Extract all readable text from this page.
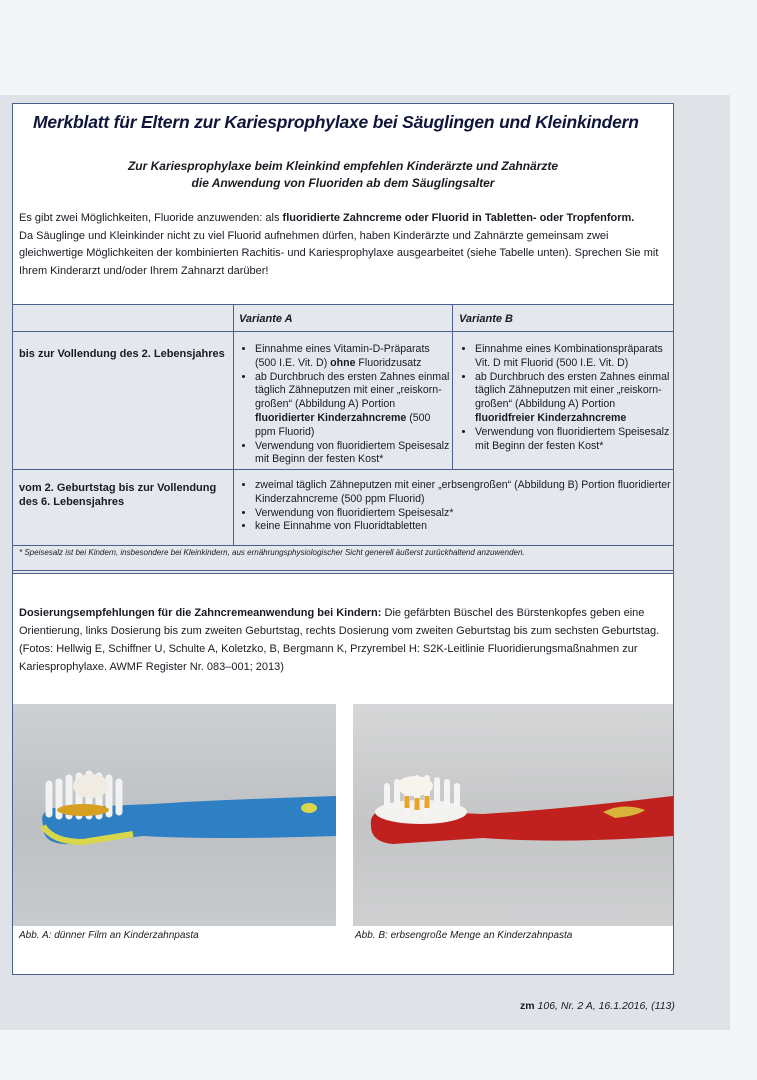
Merkblatt für Eltern zur Kariesprophylaxe bei Säuglingen und Kleinkindern
Zur Kariesprophylaxe beim Kleinkind empfehlen Kinderärzte und Zahnärzte
die Anwendung von Fluoriden ab dem Säuglingsalter
Es gibt zwei Möglichkeiten, Fluoride anzuwenden: als fluoridierte Zahncreme oder Fluorid in Tabletten- oder Tropfenform.
Da Säuglinge und Kleinkinder nicht zu viel Fluorid aufnehmen dürfen, haben Kinderärzte und Zahnärzte gemeinsam zwei gleichwertige Möglichkeiten der kombinierten Rachitis- und Kariesprophylaxe ausgearbeitet (siehe Tabelle unten). Sprechen Sie mit Ihrem Kinderarzt und/oder Ihrem Zahnarzt darüber!
Variante A	Variante B
bis zur Vollendung des 2. Lebensjahres
•	Einnahme eines Vitamin-D-Präparats (500 I.E. Vit. D) ohne Fluoridzusatz
• ab Durchbruch des ersten Zahnes einmal täglich Zähneputzen mit einer „reiskorn-großen“ (Abbildung A) Portion fluoridierter Kinderzahncreme (500 ppm Fluorid)
• Verwendung von fluoridiertem Speisesalz mit Beginn der festen Kost*
• Einnahme eines Kombinationspräparats Vit. D mit Fluorid (500 I.E. Vit. D)
• ab Durchbruch des ersten Zahnes einmal täglich Zähneputzen mit einer „reiskorn-großen“ (Abbildung A) Portion fluoridfreier Kinderzahncreme
• Verwendung von fluoridiertem Speisesalz mit Beginn der festen Kost*
vom 2. Geburtstag bis zur Vollendung des 6. Lebensjahres
• zweimal täglich Zähneputzen mit einer „erbsengroßen“ (Abbildung B) Portion fluoridierter Kinderzahncreme (500 ppm Fluorid)
• Verwendung von fluoridiertem Speisesalz*
• keine Einnahme von Fluoridtabletten
* Speisesalz ist bei Kindern, insbesondere bei Kleinkindern, aus ernährungsphysiologischer Sicht generell äußerst zurückhaltend anzuwenden.
Dosierungsempfehlungen für die Zahncremeanwendung bei Kindern: Die gefärbten Büschel des Bürstenkopfes geben eine Orientierung, links Dosierung bis zum zweiten Geburtstag, rechts Dosierung vom zweiten Geburtstag bis zum sechsten Geburtstag. (Fotos: Hellwig E, Schiffner U, Schulte A, Koletzko, B, Bergmann K, Przyrembel H: S2K-Leitlinie Fluoridierungsmaßnahmen zur Kariesprophylaxe. AWMF Register Nr. 083–001; 2013)
Abb. A: dünner Film an Kinderzahnpasta	Abb. B: erbsengroße Menge an Kinderzahnpasta
zm 106, Nr. 2 A, 16.1.2016, (113)
